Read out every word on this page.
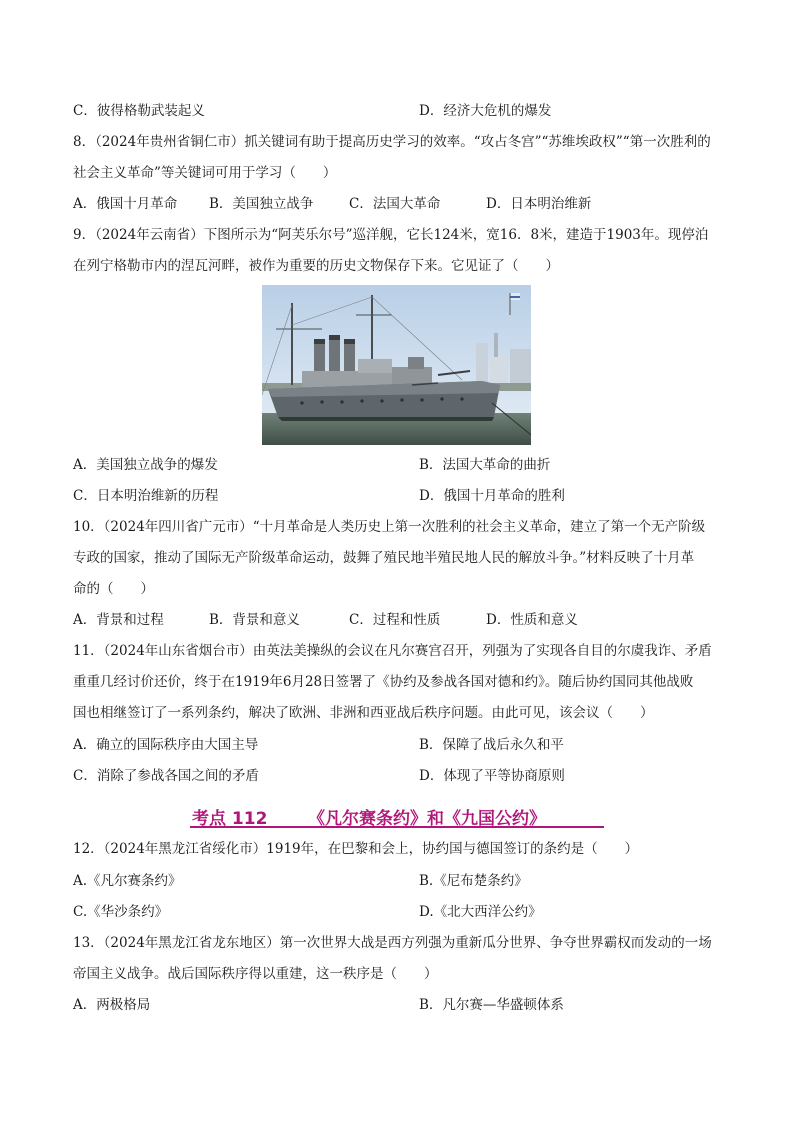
C．彼得格勒武装起义	D．经济大危机的爆发
8．（2024年贵州省铜仁市）抓关键词有助于提高历史学习的效率。“攻占冬宫”“苏维埃政权”“第一次胜利的
社会主义革命”等关键词可用于学习（　　）
A．俄国十月革命 B．美国独立战争	C．法国大革命	D．日本明治维新
9．（2024年云南省）下图所示为“阿芙乐尔号”巡洋舰，它长124米，宽16．8米，建造于1903年。现停泊
在列宁格勒市内的涅瓦河畔，被作为重要的历史文物保存下来。它见证了（　　）
A．美国独立战争的爆发	B．法国大革命的曲折
C．日本明治维新的历程	D．俄国十月革命的胜利
10．（2024年四川省广元市）“十月革命是人类历史上第一次胜利的社会主义革命，建立了第一个无产阶级
专政的国家，推动了国际无产阶级革命运动，鼓舞了殖民地半殖民地人民的解放斗争。”材料反映了十月革
命的（　　）
A．背景和过程	B．背景和意义	C．过程和性质	D．性质和意义
11．（2024年山东省烟台市）由英法美操纵的会议在凡尔赛宫召开，列强为了实现各自目的尔虞我诈、矛盾
重重几经讨价还价，终于在1919年6月28日签署了《协约及参战各国对德和约》。随后协约国同其他战败
国也相继签订了一系列条约，解决了欧洲、非洲和西亚战后秩序问题。由此可见，该会议（　　）
A．确立的国际秩序由大国主导	B．保障了战后永久和平
C．消除了参战各国之间的矛盾	D．体现了平等协商原则
考点 112 《凡尔赛条约》和《九国公约》
12．（2024年黑龙江省绥化市）1919年，在巴黎和会上，协约国与德国签订的条约是（　　）
A.《凡尔赛条约》	B.《尼布楚条约》
C.《华沙条约》	D.《北大西洋公约》
13．（2024年黑龙江省龙东地区）第一次世界大战是西方列强为重新瓜分世界、争夺世界霸权而发动的一场
帝国主义战争。战后国际秩序得以重建，这一秩序是（　　）
A．两极格局	B．凡尔赛—华盛顿体系
